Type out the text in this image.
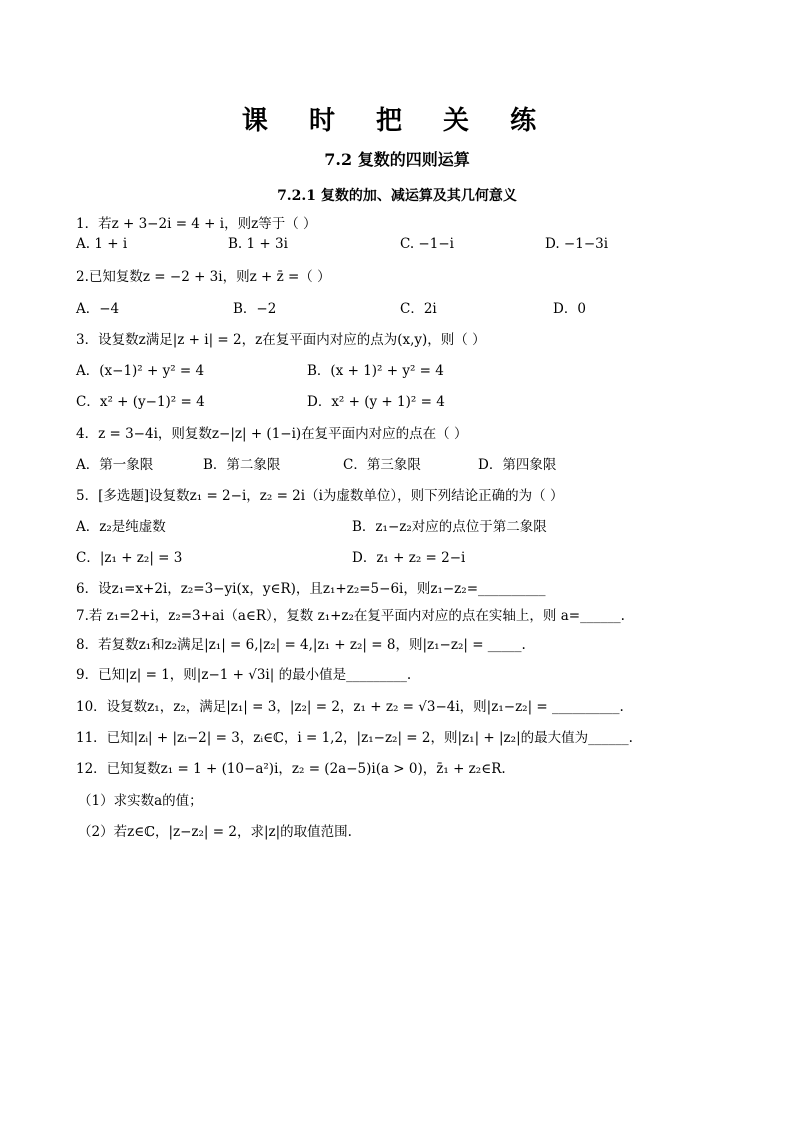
课 时 把 关 练
7.2 复数的四则运算
7.2.1 复数的加、减运算及其几何意义
1．若z + 3−2i = 4 + i，则z等于（ ）
A. 1 + i	B. 1 + 3i	C. −1−i	D. −1−3i
2.已知复数z = −2 + 3i，则z + z̄ =（ ）
A．−4	B．−2	C．2i	D．0
3．设复数z满足|z + i| = 2，z在复平面内对应的点为(x,y)，则（ ）
A．(x−1)² + y² = 4	B．(x + 1)² + y² = 4
C．x² + (y−1)² = 4	D．x² + (y + 1)² = 4
4．z = 3−4i，则复数z−|z| + (1−i)在复平面内对应的点在（ ）
A．第一象限	B．第二象限	C．第三象限	D．第四象限
5．[多选题]设复数z₁ = 2−i，z₂ = 2i（i为虚数单位），则下列结论正确的为（ ）
A．z₂是纯虚数	B．z₁−z₂对应的点位于第二象限
C．|z₁ + z₂| = 3	D．z₁ + z₂ = 2−i
6．设z₁=x+2i，z₂=3−yi(x，y∈R)，且z₁+z₂=5−6i，则z₁−z₂=__________
7.若 z₁=2+i，z₂=3+ai（a∈R），复数 z₁+z₂在复平面内对应的点在实轴上，则 a=______.
8．若复数z₁和z₂满足|z₁| = 6,|z₂| = 4,|z₁ + z₂| = 8，则|z₁−z₂| = _____.
9．已知|z| = 1，则|z−1 + √3i| 的最小值是_________.
10．设复数z₁，z₂，满足|z₁| = 3，|z₂| = 2，z₁ + z₂ = √3−4i，则|z₁−z₂| = __________.
11．已知|zᵢ| + |zᵢ−2| = 3，zᵢ∈ℂ，i = 1,2，|z₁−z₂| = 2，则|z₁| + |z₂|的最大值为______.
12．已知复数z₁ = 1 + (10−a²)i，z₂ = (2a−5)i(a > 0)，z̄₁ + z₂∈R.
（1）求实数a的值；
（2）若z∈ℂ，|z−z₂| = 2，求|z|的取值范围.
